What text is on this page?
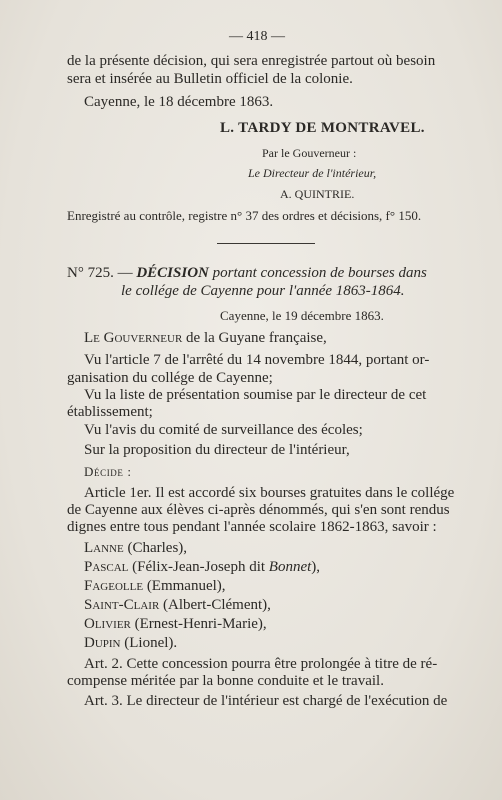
— 418 —
de la présente décision, qui sera enregistrée partout où besoin
sera et insérée au Bulletin officiel de la colonie.
Cayenne, le 18 décembre 1863.
L. TARDY DE MONTRAVEL.
Par le Gouverneur :
Le Directeur de l'intérieur,
A. QUINTRIE.
Enregistré au contrôle, registre n° 37 des ordres et décisions, f° 150.
N° 725. — DÉCISION portant concession de bourses dans
le collége de Cayenne pour l'année 1863-1864.
Cayenne, le 19 décembre 1863.
Le Gouverneur de la Guyane française,
Vu l'article 7 de l'arrêté du 14 novembre 1844, portant or-
ganisation du collége de Cayenne;
Vu la liste de présentation soumise par le directeur de cet
établissement;
Vu l'avis du comité de surveillance des écoles;
Sur la proposition du directeur de l'intérieur,
Décide :
Article 1er. Il est accordé six bourses gratuites dans le collége
de Cayenne aux élèves ci-après dénommés, qui s'en sont rendus
dignes entre tous pendant l'année scolaire 1862-1863, savoir :
Lanne (Charles),
Pascal (Félix-Jean-Joseph dit Bonnet),
Fageolle (Emmanuel),
Saint-Clair (Albert-Clément),
Olivier (Ernest-Henri-Marie),
Dupin (Lionel).
Art. 2. Cette concession pourra être prolongée à titre de ré-
compense méritée par la bonne conduite et le travail.
Art. 3. Le directeur de l'intérieur est chargé de l'exécution de
